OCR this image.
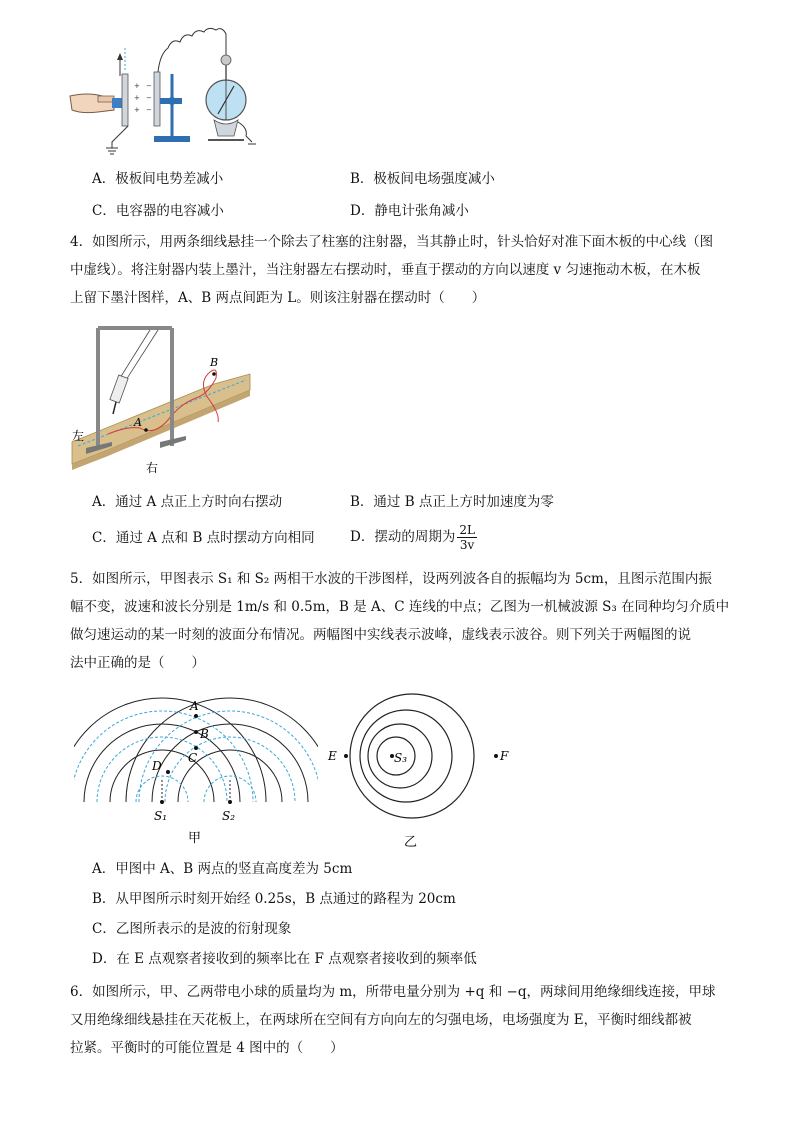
+
+
+
−
−
−
A．极板间电势差减小	B．极板间电场强度减小
C．电容器的电容减小	D．静电计张角减小
4．如图所示，用两条细线悬挂一个除去了柱塞的注射器，当其静止时，针头恰好对准下面木板的中心线（图
中虚线）。将注射器内装上墨汁，当注射器左右摆动时，垂直于摆动的方向以速度 v 匀速拖动木板，在木板
上留下墨汁图样，A、B 两点间距为 L。则该注射器在摆动时（　　）
A
B
左
右
A．通过 A 点正上方时向右摆动	B．通过 B 点正上方时加速度为零
C．通过 A 点和 B 点时摆动方向相同	D．摆动的周期为 $\frac{2L}{3v}$
5．如图所示，甲图表示 S₁ 和 S₂ 两相干水波的干涉图样，设两列波各自的振幅均为 5cm，且图示范围内振
幅不变，波速和波长分别是 1m/s 和 0.5m，B 是 A、C 连线的中点；乙图为一机械波源 S₃ 在同种均匀介质中
做匀速运动的某一时刻的波面分布情况。两幅图中实线表示波峰，虚线表示波谷。则下列关于两幅图的说
法中正确的是（　　）
A
B
C
D
S₁	S₂
甲
E	S₃	F
乙
A．甲图中 A、B 两点的竖直高度差为 5cm
B．从甲图所示时刻开始经 0.25s，B 点通过的路程为 20cm
C．乙图所表示的是波的衍射现象
D．在 E 点观察者接收到的频率比在 F 点观察者接收到的频率低
6．如图所示，甲、乙两带电小球的质量均为 m，所带电量分别为 +q 和 −q，两球间用绝缘细线连接，甲球
又用绝缘细线悬挂在天花板上，在两球所在空间有方向向左的匀强电场，电场强度为 E，平衡时细线都被
拉紧。平衡时的可能位置是 4 图中的（　　）
